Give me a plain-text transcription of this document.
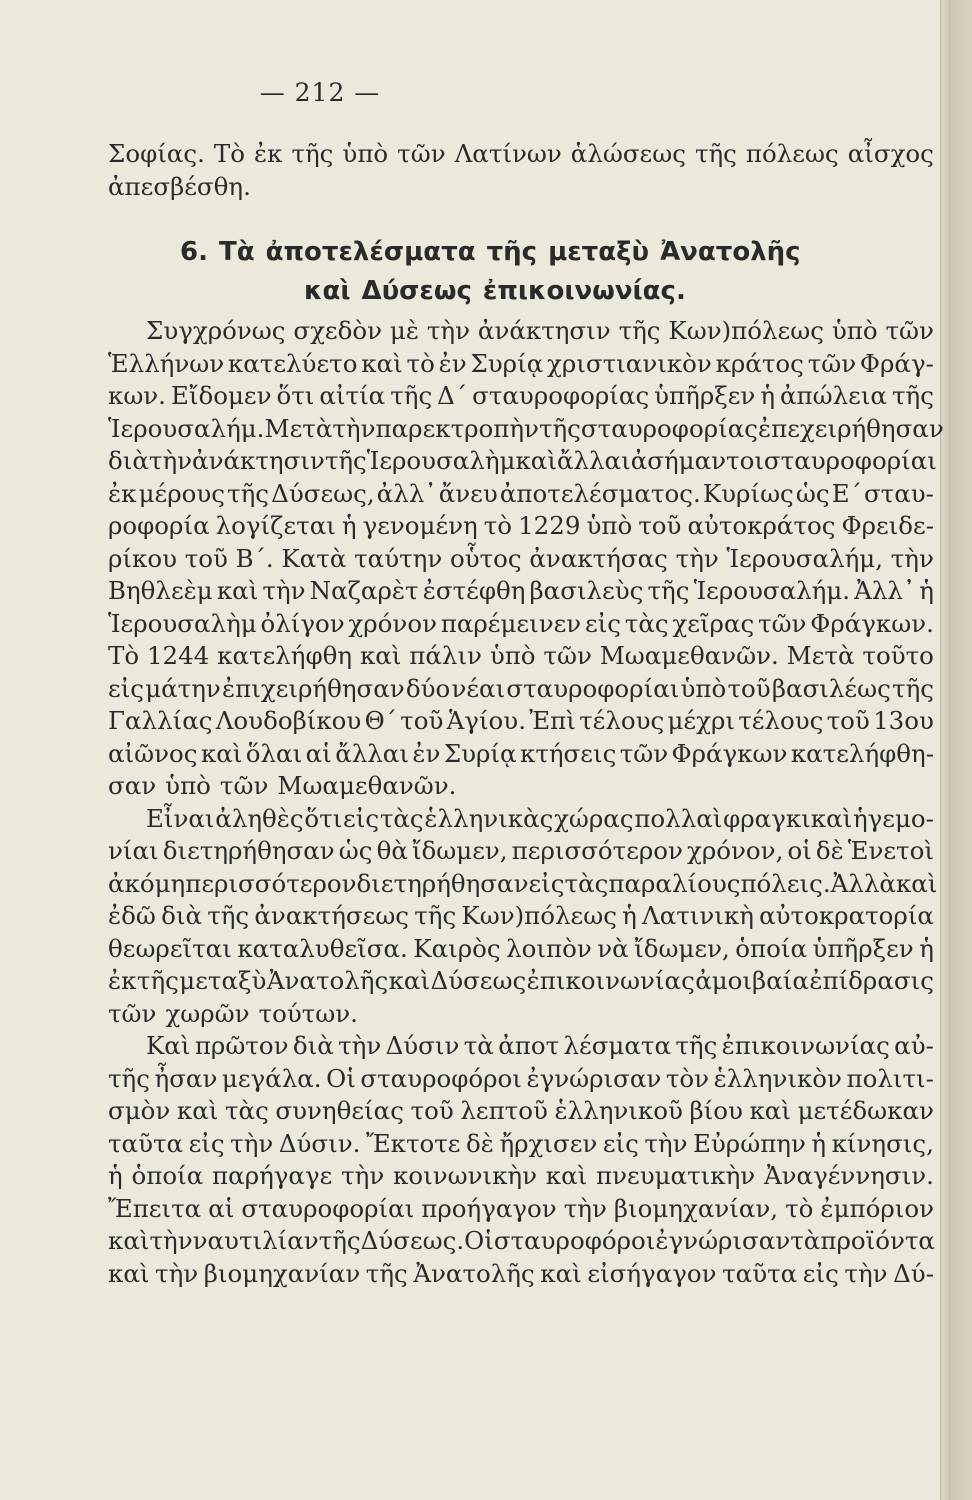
— 212 —
Σοφίας. Τὸ ἐκ τῆς ὑπὸ τῶν Λατίνων ἁλώσεως τῆς πόλεως αἶσχος
ἀπεσβέσθη.
6. Τὰ ἀποτελέσματα τῆς μεταξὺ Ἀνατολῆς
καὶ Δύσεως ἐπικοινωνίας.
Συγχρόνως σχεδὸν μὲ τὴν ἀνάκτησιν τῆς Κων)πόλεως ὑπὸ τῶν
Ἑλλήνων κατελύετο καὶ τὸ ἐν Συρίᾳ χριστιανικὸν κράτος τῶν Φράγ-
κων. Εἴδομεν ὅτι αἰτία τῆς Δ΄ σταυροφορίας ὑπῆρξεν ἡ ἀπώλεια τῆς
Ἱερουσαλήμ. Μετὰ τὴν παρεκτροπὴν τῆς σταυροφορίας ἐπεχειρήθησαν
διὰ τὴν ἀνάκτησιν τῆς Ἱερουσαλὴμ καὶ ἄλλαι ἀσήμαντοι σταυροφορίαι
ἐκ μέρους τῆς Δύσεως, ἀλλ᾽ ἄνευ ἀποτελέσματος. Κυρίως ὡς Ε΄ σταυ-
ροφορία λογίζεται ἡ γενομένη τὸ 1229 ὑπὸ τοῦ αὐτοκράτος Φρειδε-
ρίκου τοῦ Β΄. Κατὰ ταύτην οὗτος ἀνακτήσας τὴν Ἱερουσαλήμ, τὴν
Βηθλεὲμ καὶ τὴν Ναζαρὲτ ἐστέφθη βασιλεὺς τῆς Ἱερουσαλήμ. Ἀλλ᾽ ἡ
Ἱερουσαλὴμ ὀλίγον χρόνον παρέμεινεν εἰς τὰς χεῖρας τῶν Φράγκων.
Τὸ 1244 κατελήφθη καὶ πάλιν ὑπὸ τῶν Μωαμεθανῶν. Μετὰ τοῦτο
εἰς μάτην ἐπιχειρήθησαν δύο νέαι σταυροφορίαι ὑπὸ τοῦ βασιλέως τῆς
Γαλλίας Λουδοβίκου Θ΄ τοῦ Ἁγίου. Ἐπὶ τέλους μέχρι τέλους τοῦ 13ου
αἰῶνος καὶ ὅλαι αἱ ἄλλαι ἐν Συρίᾳ κτήσεις τῶν Φράγκων κατελήφθη-
σαν ὑπὸ τῶν Μωαμεθανῶν.
Εἶναι ἀληθὲς ὅτι εἰς τὰς ἑλληνικὰς χώρας πολλαὶ φραγκικαὶ ἡγεμο-
νίαι διετηρήθησαν ὡς θὰ ἴδωμεν, περισσότερον χρόνον, οἱ δὲ Ἑνετοὶ
ἀκόμη περισσότερον διετηρήθησαν εἰς τὰς παραλίους πόλεις. Ἀλλὰ καὶ
ἐδῶ διὰ τῆς ἀνακτήσεως τῆς Κων)πόλεως ἡ Λατινικὴ αὐτοκρατορία
θεωρεῖται καταλυθεῖσα. Καιρὸς λοιπὸν νὰ ἴδωμεν, ὁποία ὑπῆρξεν ἡ
ἐκ τῆς μεταξὺ Ἀνατολῆς καὶ Δύσεως ἐπικοινωνίας ἀμοιβαία ἐπίδρασις
τῶν χωρῶν τούτων.
Καὶ πρῶτον διὰ τὴν Δύσιν τὰ ἀποτ λέσματα τῆς ἐπικοινωνίας αὐ-
τῆς ἦσαν μεγάλα. Οἱ σταυροφόροι ἐγνώρισαν τὸν ἑλληνικὸν πολιτι-
σμὸν καὶ τὰς συνηθείας τοῦ λεπτοῦ ἑλληνικοῦ βίου καὶ μετέδωκαν
ταῦτα εἰς τὴν Δύσιν. Ἔκτοτε δὲ ἤρχισεν εἰς τὴν Εὐρώπην ἡ κίνησις,
ἡ ὁποία παρήγαγε τὴν κοινωνικὴν καὶ πνευματικὴν Ἀναγέννησιν.
Ἔπειτα αἱ σταυροφορίαι προήγαγον τὴν βιομηχανίαν, τὸ ἐμπόριον
καὶ τὴν ναυτιλίαν τῆς Δύσεως.Οἱ σταυροφόροι ἐγνώρισαν τὰ προϊόντα
καὶ τὴν βιομηχανίαν τῆς Ἀνατολῆς καὶ εἰσήγαγον ταῦτα εἰς τὴν Δύ-
